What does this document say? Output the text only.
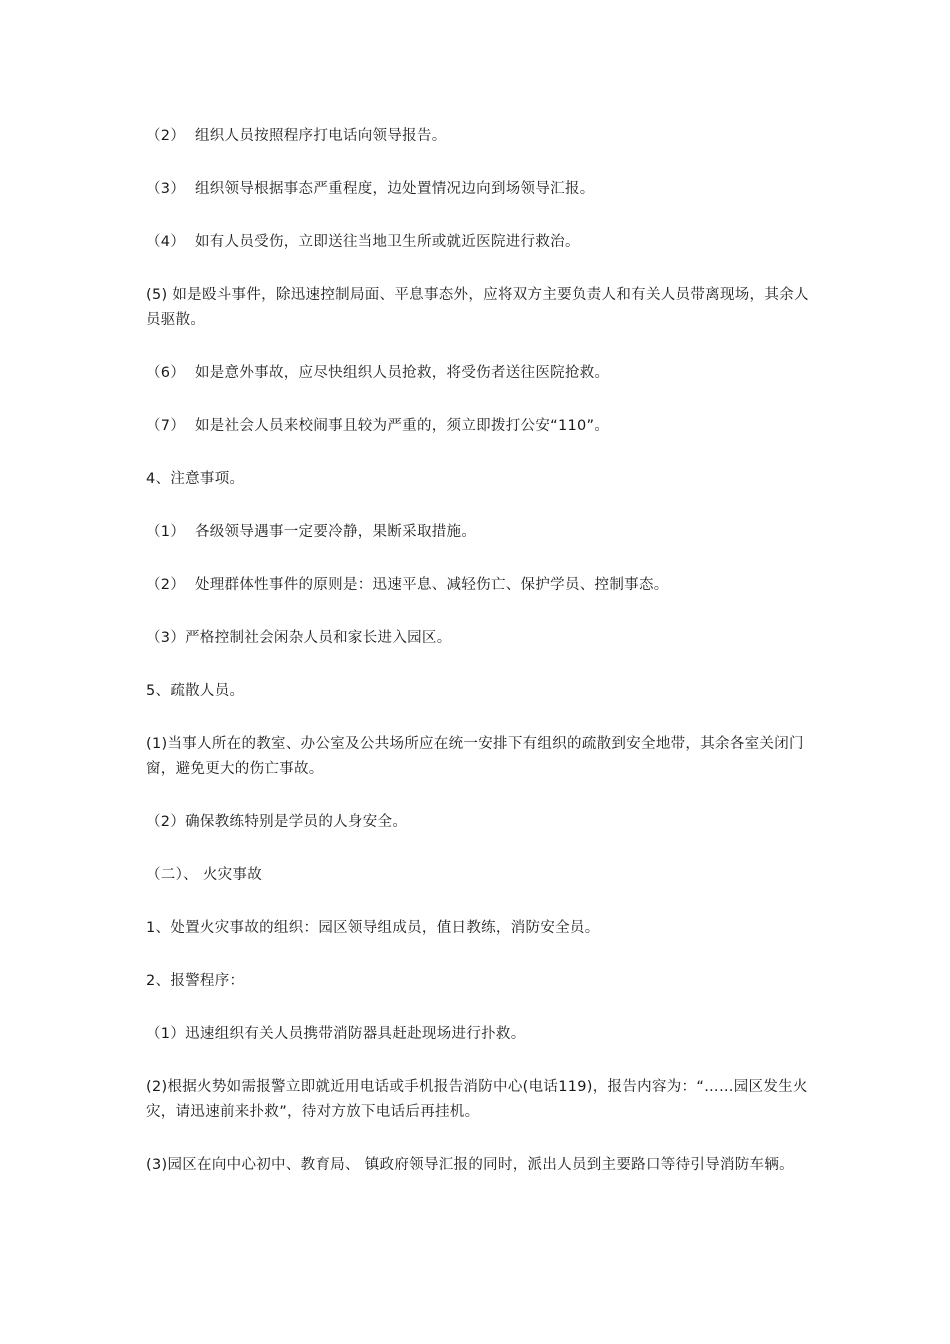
（2）  组织人员按照程序打电话向领导报告。

（3）  组织领导根据事态严重程度，边处置情况边向到场领导汇报。

（4）  如有人员受伤，立即送往当地卫生所或就近医院进行救治。

(5) 如是殴斗事件，除迅速控制局面、平息事态外，应将双方主要负责人和有关人员带离现场，其余人员驱散。

（6）  如是意外事故，应尽快组织人员抢救，将受伤者送往医院抢救。

（7）  如是社会人员来校闹事且较为严重的，须立即拨打公安“110”。

4、注意事项。

（1）  各级领导遇事一定要冷静，果断采取措施。

（2）  处理群体性事件的原则是：迅速平息、减轻伤亡、保护学员、控制事态。

（3）严格控制社会闲杂人员和家长进入园区。

5、疏散人员。

(1)当事人所在的教室、办公室及公共场所应在统一安排下有组织的疏散到安全地带，其余各室关闭门窗，避免更大的伤亡事故。

（2）确保教练特别是学员的人身安全。

（二）、 火灾事故

1、处置火灾事故的组织：园区领导组成员，值日教练，消防安全员。

2、报警程序：

（1）迅速组织有关人员携带消防器具赶赴现场进行扑救。

(2)根据火势如需报警立即就近用电话或手机报告消防中心(电话119)，报告内容为：“……园区发生火灾，请迅速前来扑救”，待对方放下电话后再挂机。

(3)园区在向中心初中、教育局、 镇政府领导汇报的同时，派出人员到主要路口等待引导消防车辆。
